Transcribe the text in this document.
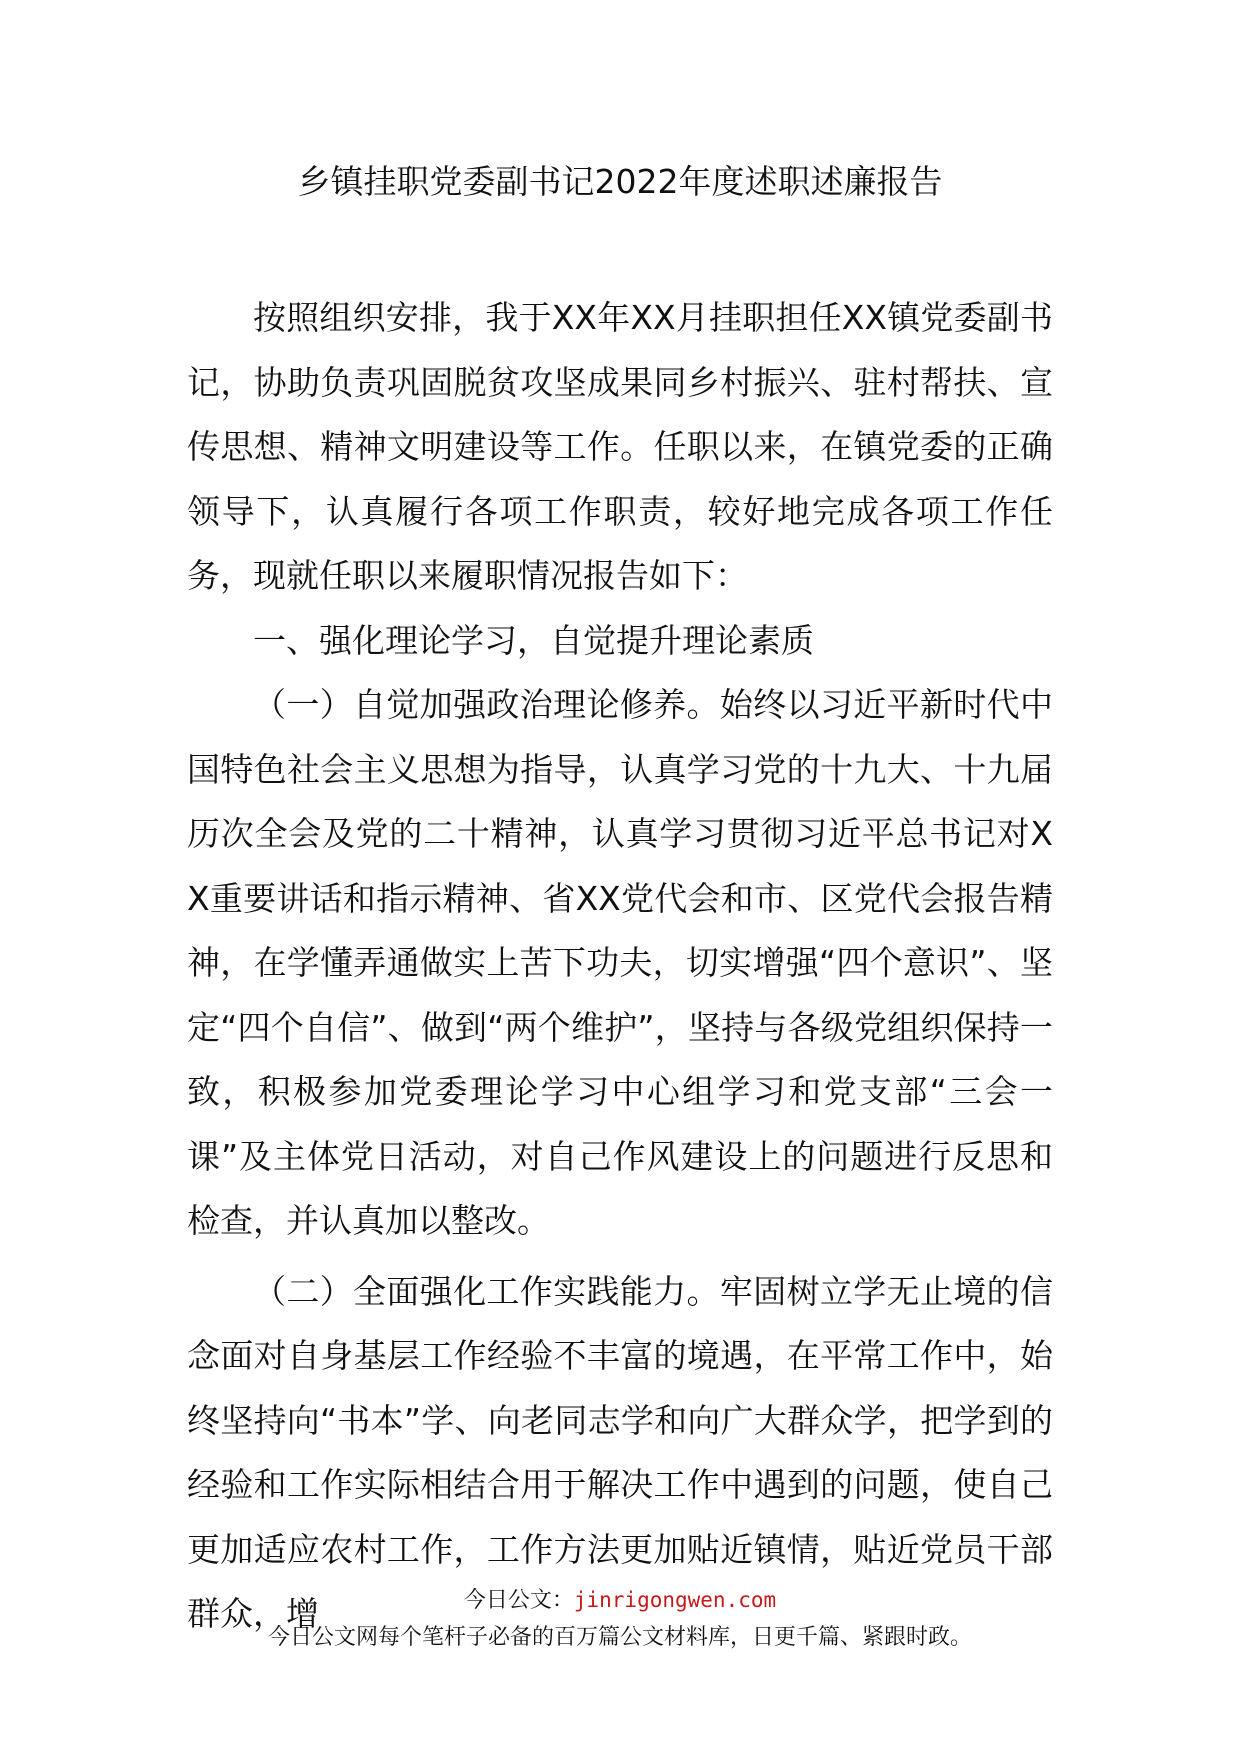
乡镇挂职党委副书记2022年度述职述廉报告

按照组织安排，我于XX年XX月挂职担任XX镇党委副书记，协助负责巩固脱贫攻坚成果同乡村振兴、驻村帮扶、宣传思想、精神文明建设等工作。任职以来，在镇党委的正确领导下，认真履行各项工作职责，较好地完成各项工作任务，现就任职以来履职情况报告如下：

一、强化理论学习，自觉提升理论素质

（一）自觉加强政治理论修养。始终以习近平新时代中国特色社会主义思想为指导，认真学习党的十九大、十九届历次全会及党的二十精神，认真学习贯彻习近平总书记对XX重要讲话和指示精神、省XX党代会和市、区党代会报告精神，在学懂弄通做实上苦下功夫，切实增强“四个意识”、坚定“四个自信”、做到“两个维护”，坚持与各级党组织保持一致，积极参加党委理论学习中心组学习和党支部“三会一课”及主体党日活动，对自己作风建设上的问题进行反思和检查，并认真加以整改。

（二）全面强化工作实践能力。牢固树立学无止境的信念面对自身基层工作经验不丰富的境遇，在平常工作中，始终坚持向“书本”学、向老同志学和向广大群众学，把学到的经验和工作实际相结合用于解决工作中遇到的问题，使自己更加适应农村工作，工作方法更加贴近镇情，贴近党员干部群众，增	今日公文：jinrigongwen.com
今日公文网每个笔杆子必备的百万篇公文材料库，日更千篇、紧跟时政。
